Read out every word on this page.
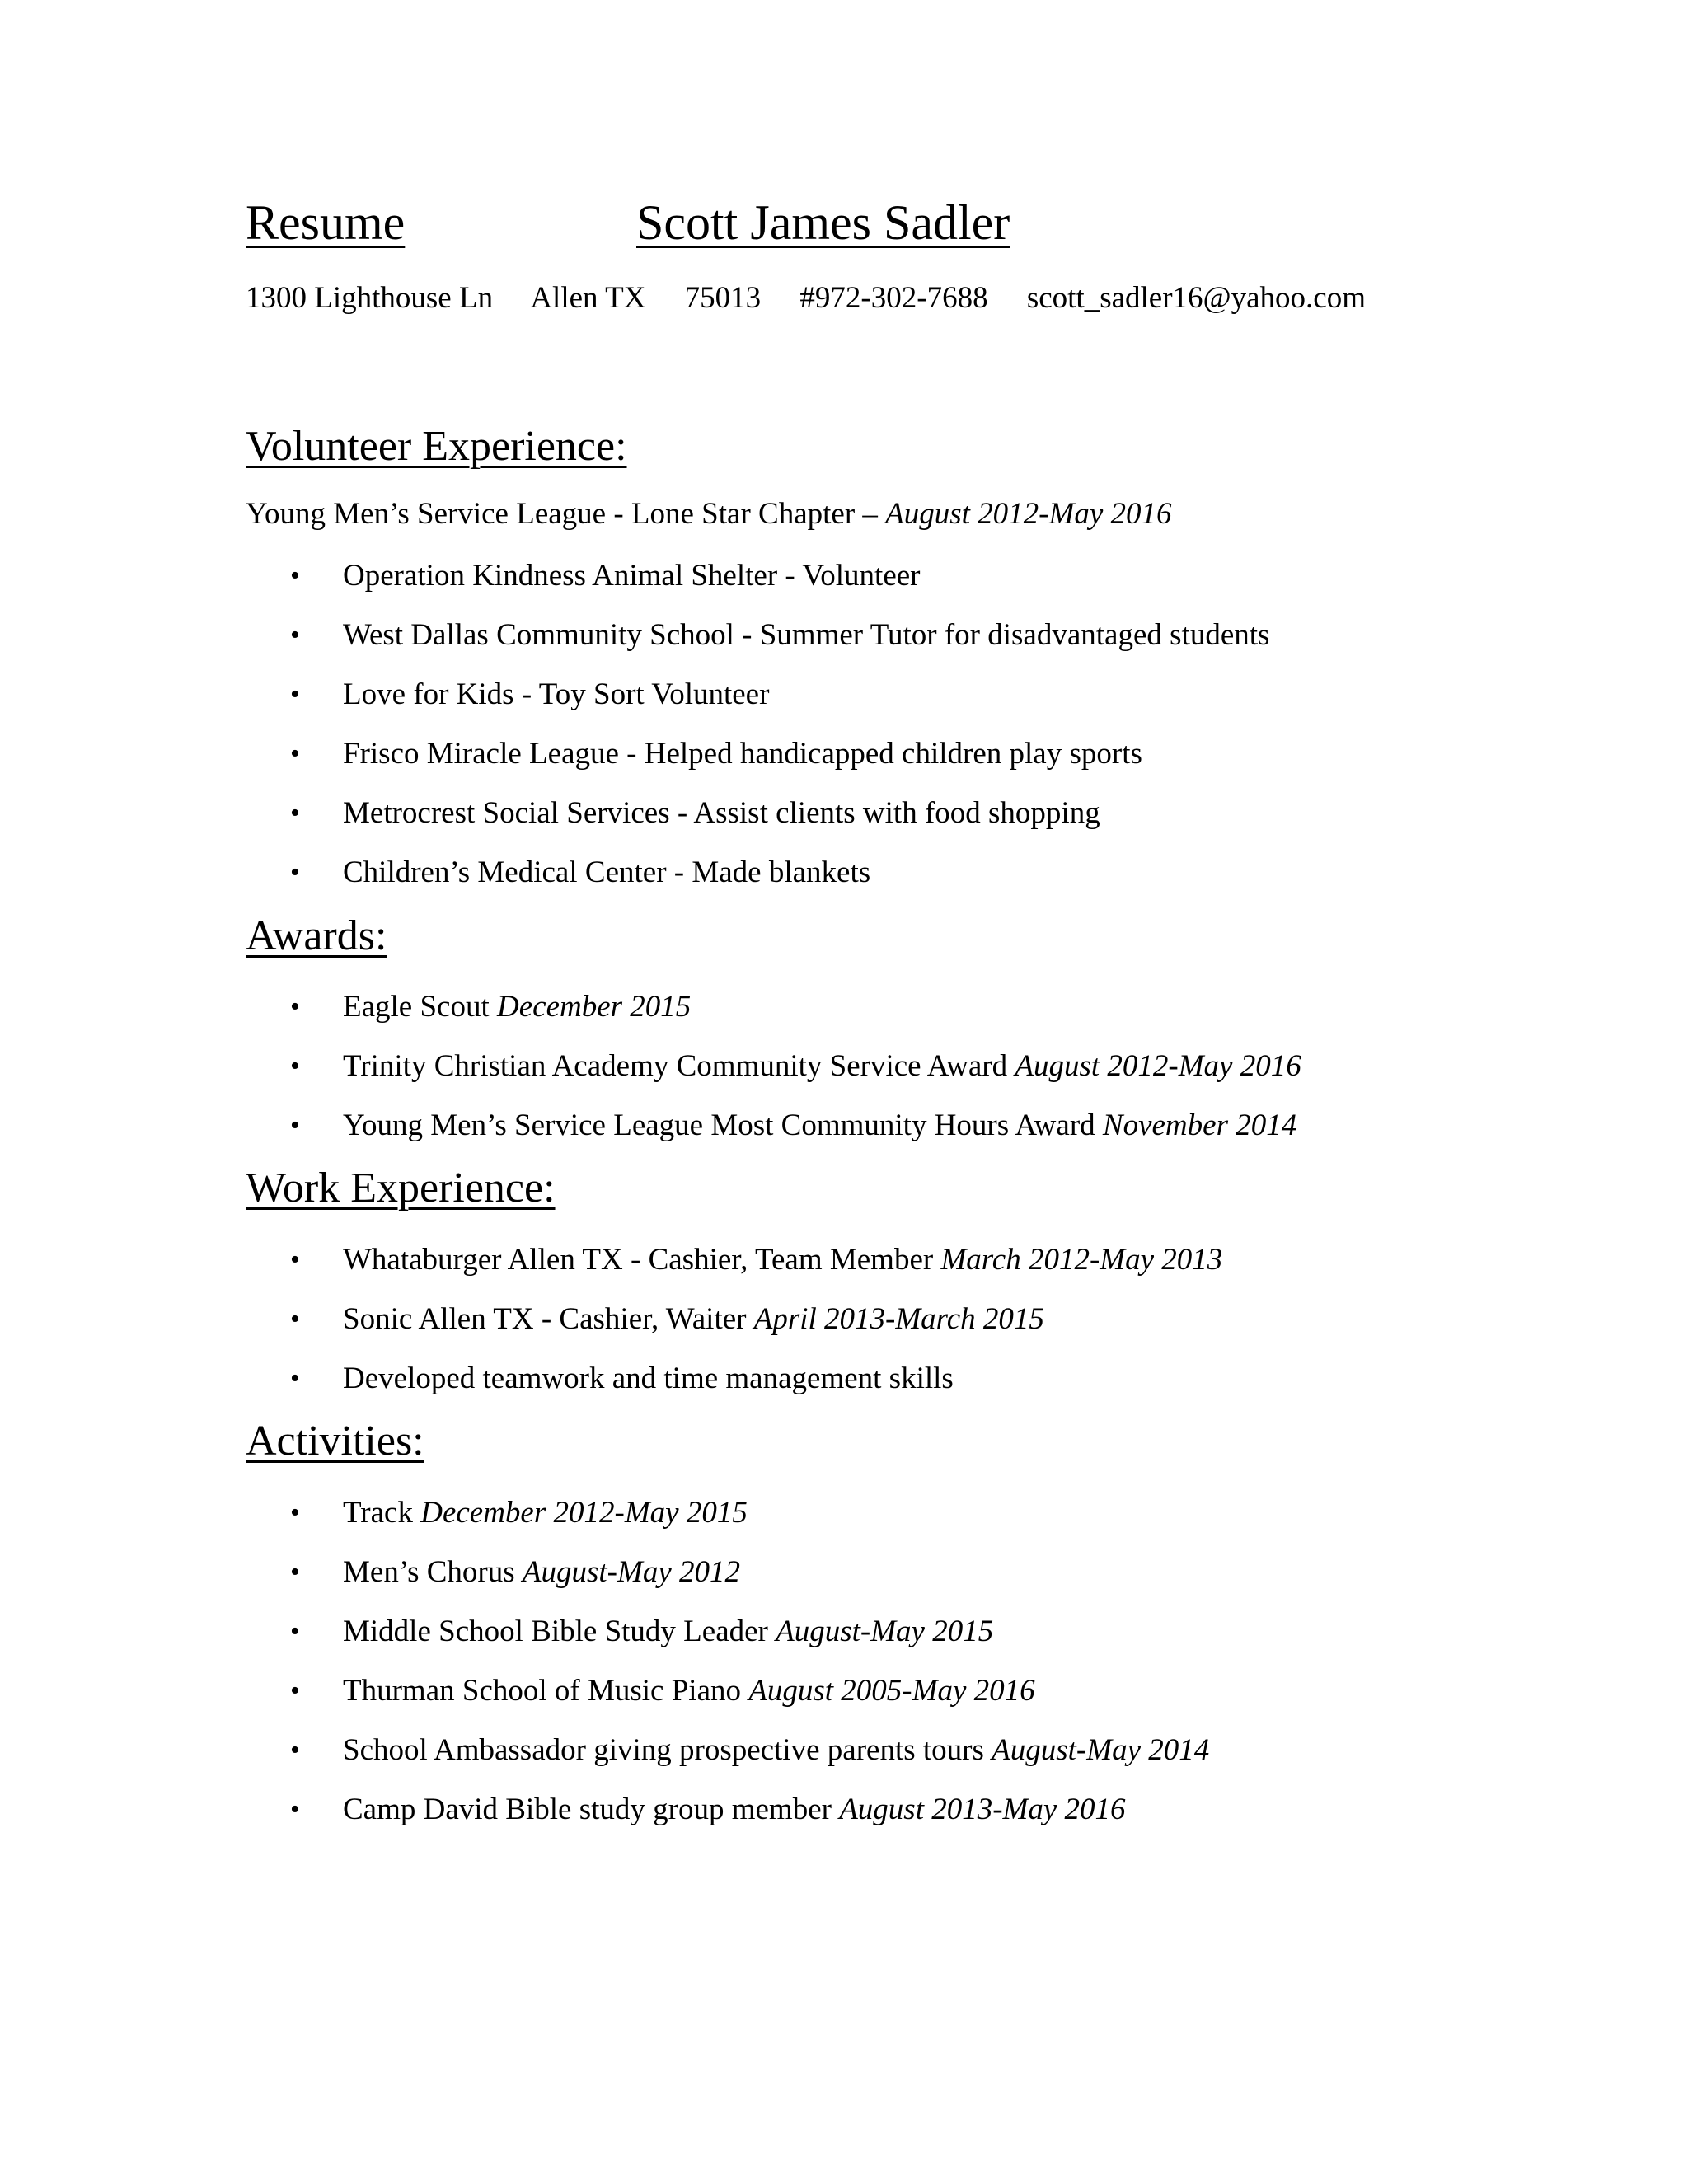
Resume	Scott James Sadler
1300 Lighthouse Ln Allen TX 75013 #972-302-7688 scott_sadler16@yahoo.com
Volunteer Experience:
Young Men’s Service League - Lone Star Chapter – August 2012-May 2016
• Operation Kindness Animal Shelter - Volunteer
• West Dallas Community School - Summer Tutor for disadvantaged students
• Love for Kids - Toy Sort Volunteer
• Frisco Miracle League - Helped handicapped children play sports
• Metrocrest Social Services - Assist clients with food shopping
• Children’s Medical Center - Made blankets
Awards:
• Eagle Scout December 2015
• Trinity Christian Academy Community Service Award August 2012-May 2016
• Young Men’s Service League Most Community Hours Award November 2014
Work Experience:
• Whataburger Allen TX - Cashier, Team Member March 2012-May 2013
• Sonic Allen TX - Cashier, Waiter April 2013-March 2015
• Developed teamwork and time management skills
Activities:
• Track December 2012-May 2015
• Men’s Chorus August-May 2012
• Middle School Bible Study Leader August-May 2015
• Thurman School of Music Piano August 2005-May 2016
• School Ambassador giving prospective parents tours August-May 2014
• Camp David Bible study group member August 2013-May 2016
